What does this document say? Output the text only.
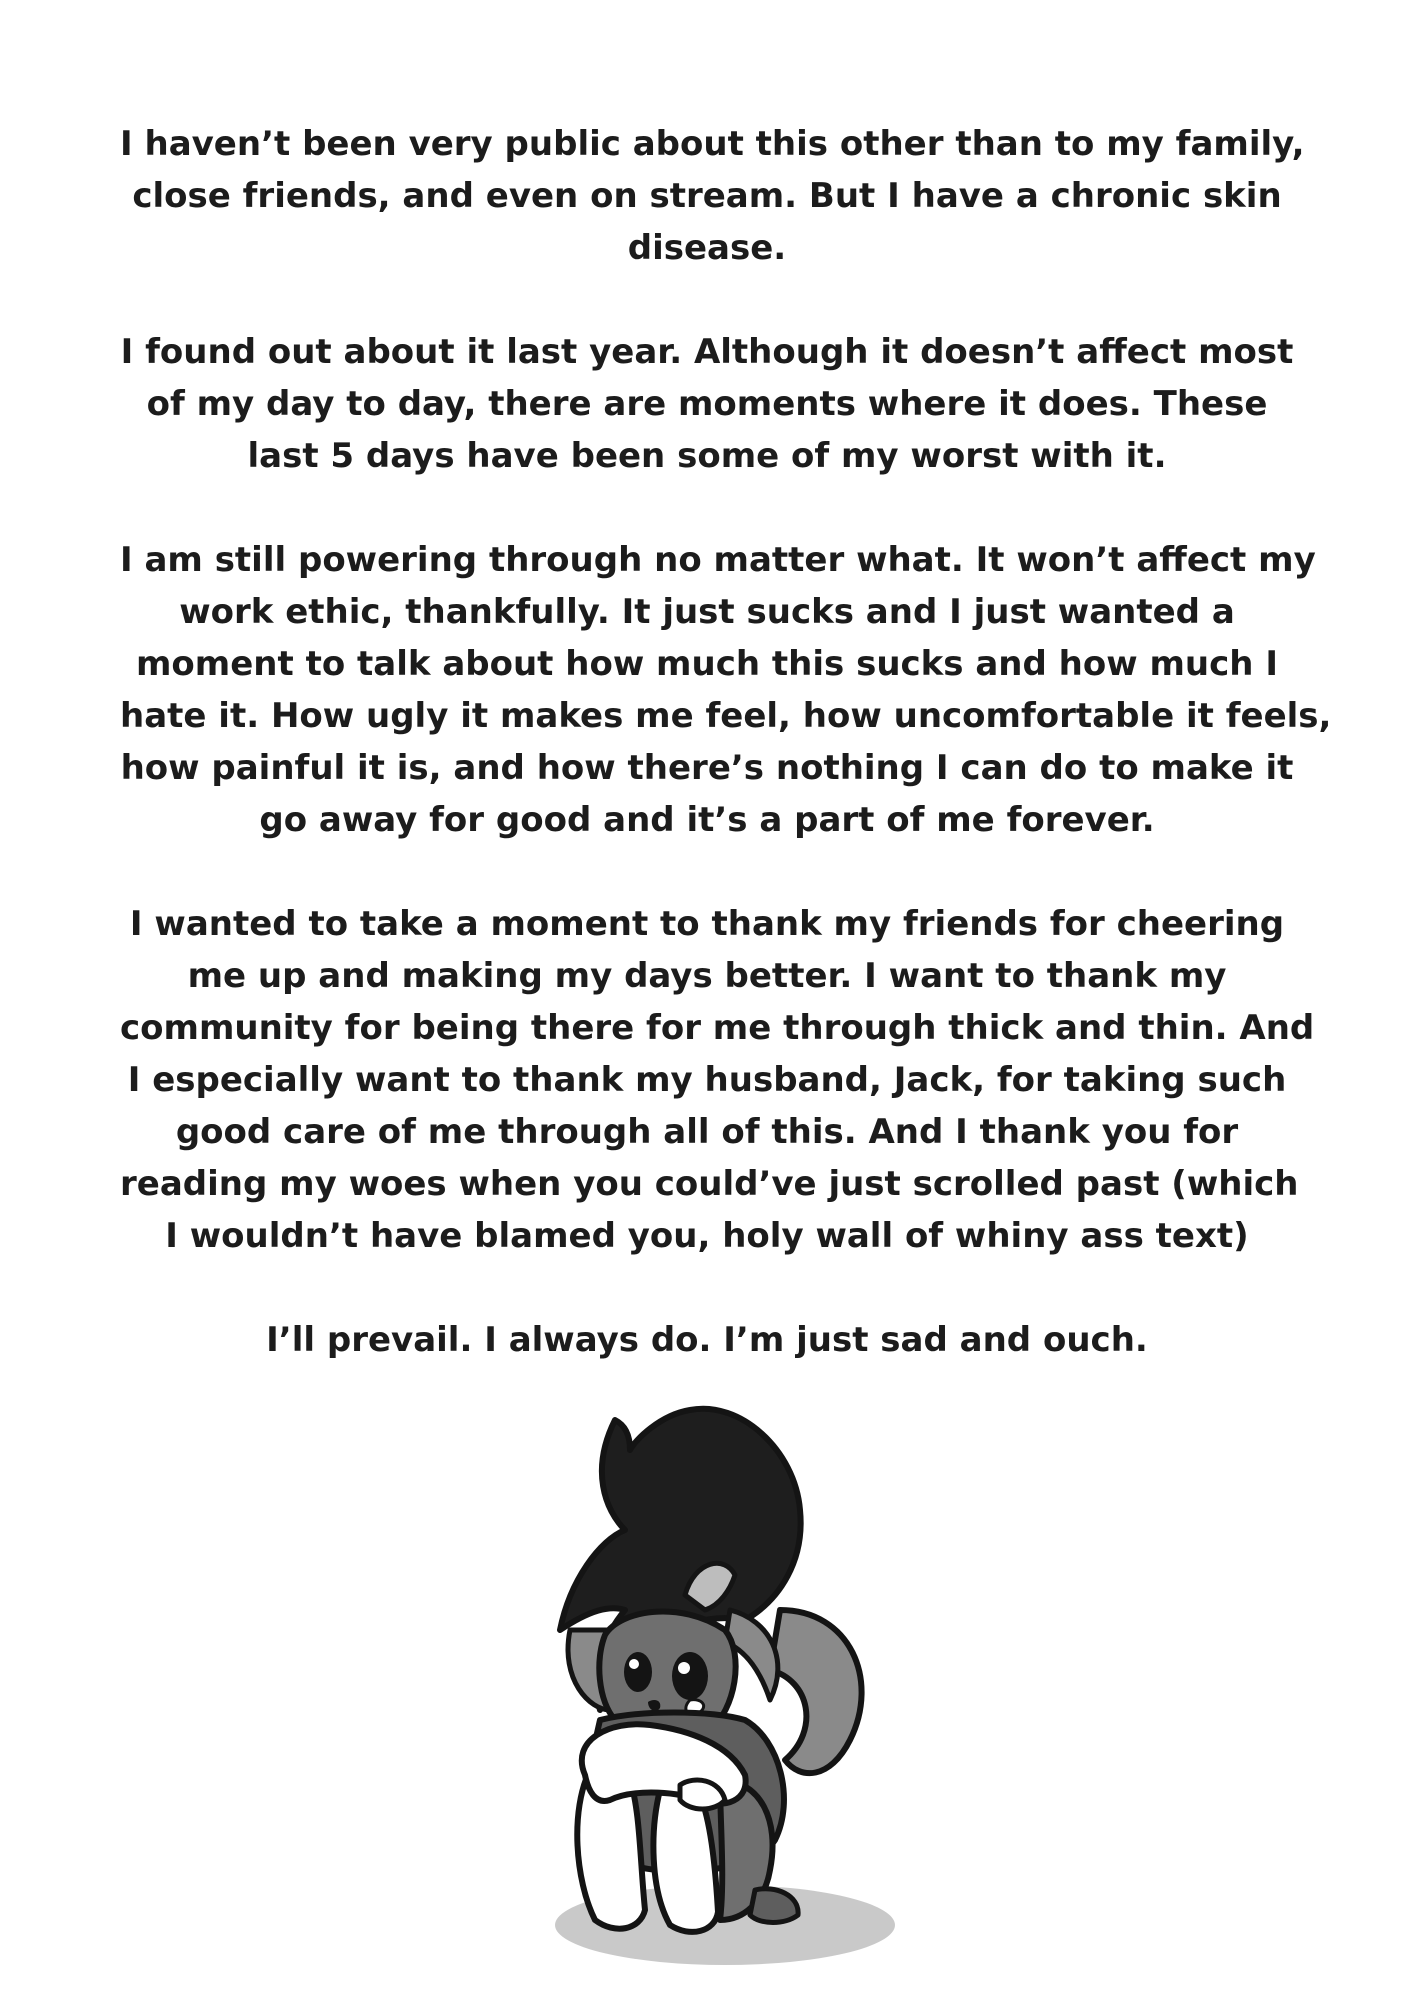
I haven’t been very public about this other than to my family,
close friends, and even on stream. But I have a chronic skin
disease.

I found out about it last year. Although it doesn’t affect most
of my day to day, there are moments where it does. These
last 5 days have been some of my worst with it.

I am still powering through no matter what. It won’t affect my
work ethic, thankfully. It just sucks and I just wanted a
moment to talk about how much this sucks and how much I
hate it. How ugly it makes me feel, how uncomfortable it feels,
how painful it is, and how there’s nothing I can do to make it
go away for good and it’s a part of me forever.

I wanted to take a moment to thank my friends for cheering
me up and making my days better. I want to thank my
community for being there for me through thick and thin. And
I especially want to thank my husband, Jack, for taking such
good care of me through all of this. And I thank you for
reading my woes when you could’ve just scrolled past (which
I wouldn’t have blamed you, holy wall of whiny ass text)

I’ll prevail. I always do. I’m just sad and ouch.
